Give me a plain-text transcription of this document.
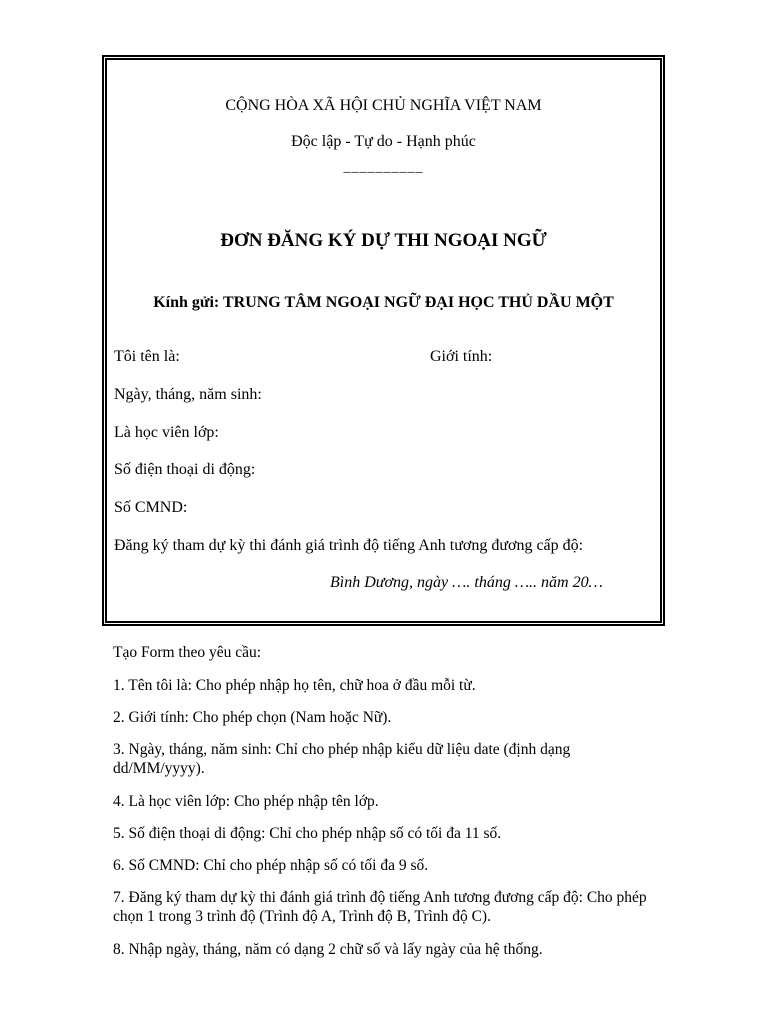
CỘNG HÒA XÃ HỘI CHỦ NGHĨA VIỆT NAM
Độc lập - Tự do - Hạnh phúc
__________
ĐƠN ĐĂNG KÝ DỰ THI NGOẠI NGỮ
Kính gửi: TRUNG TÂM NGOẠI NGỮ ĐẠI HỌC THỦ DẦU MỘT
Tôi tên là:	Giới tính:
Ngày, tháng, năm sinh:
Là học viên lớp:
Số điện thoại di động:
Số CMND:
Đăng ký tham dự kỳ thi đánh giá trình độ tiếng Anh tương đương cấp độ:
Bình Dương, ngày …. tháng ….. năm 20…
Tạo Form theo yêu cầu:
1. Tên tôi là: Cho phép nhập họ tên, chữ hoa ở đầu mỗi từ.
2. Giới tính: Cho phép chọn (Nam hoặc Nữ).
3. Ngày, tháng, năm sinh: Chỉ cho phép nhập kiểu dữ liệu date (định dạng dd/MM/yyyy).
4. Là học viên lớp: Cho phép nhập tên lớp.
5. Số điện thoại di động: Chỉ cho phép nhập số có tối đa 11 số.
6. Số CMND: Chỉ cho phép nhập số có tối đa 9 số.
7. Đăng ký tham dự kỳ thi đánh giá trình độ tiếng Anh tương đương cấp độ: Cho phép chọn 1 trong 3 trình độ (Trình độ A, Trình độ B, Trình độ C).
8. Nhập ngày, tháng, năm có dạng 2 chữ số và lấy ngày của hệ thống.
